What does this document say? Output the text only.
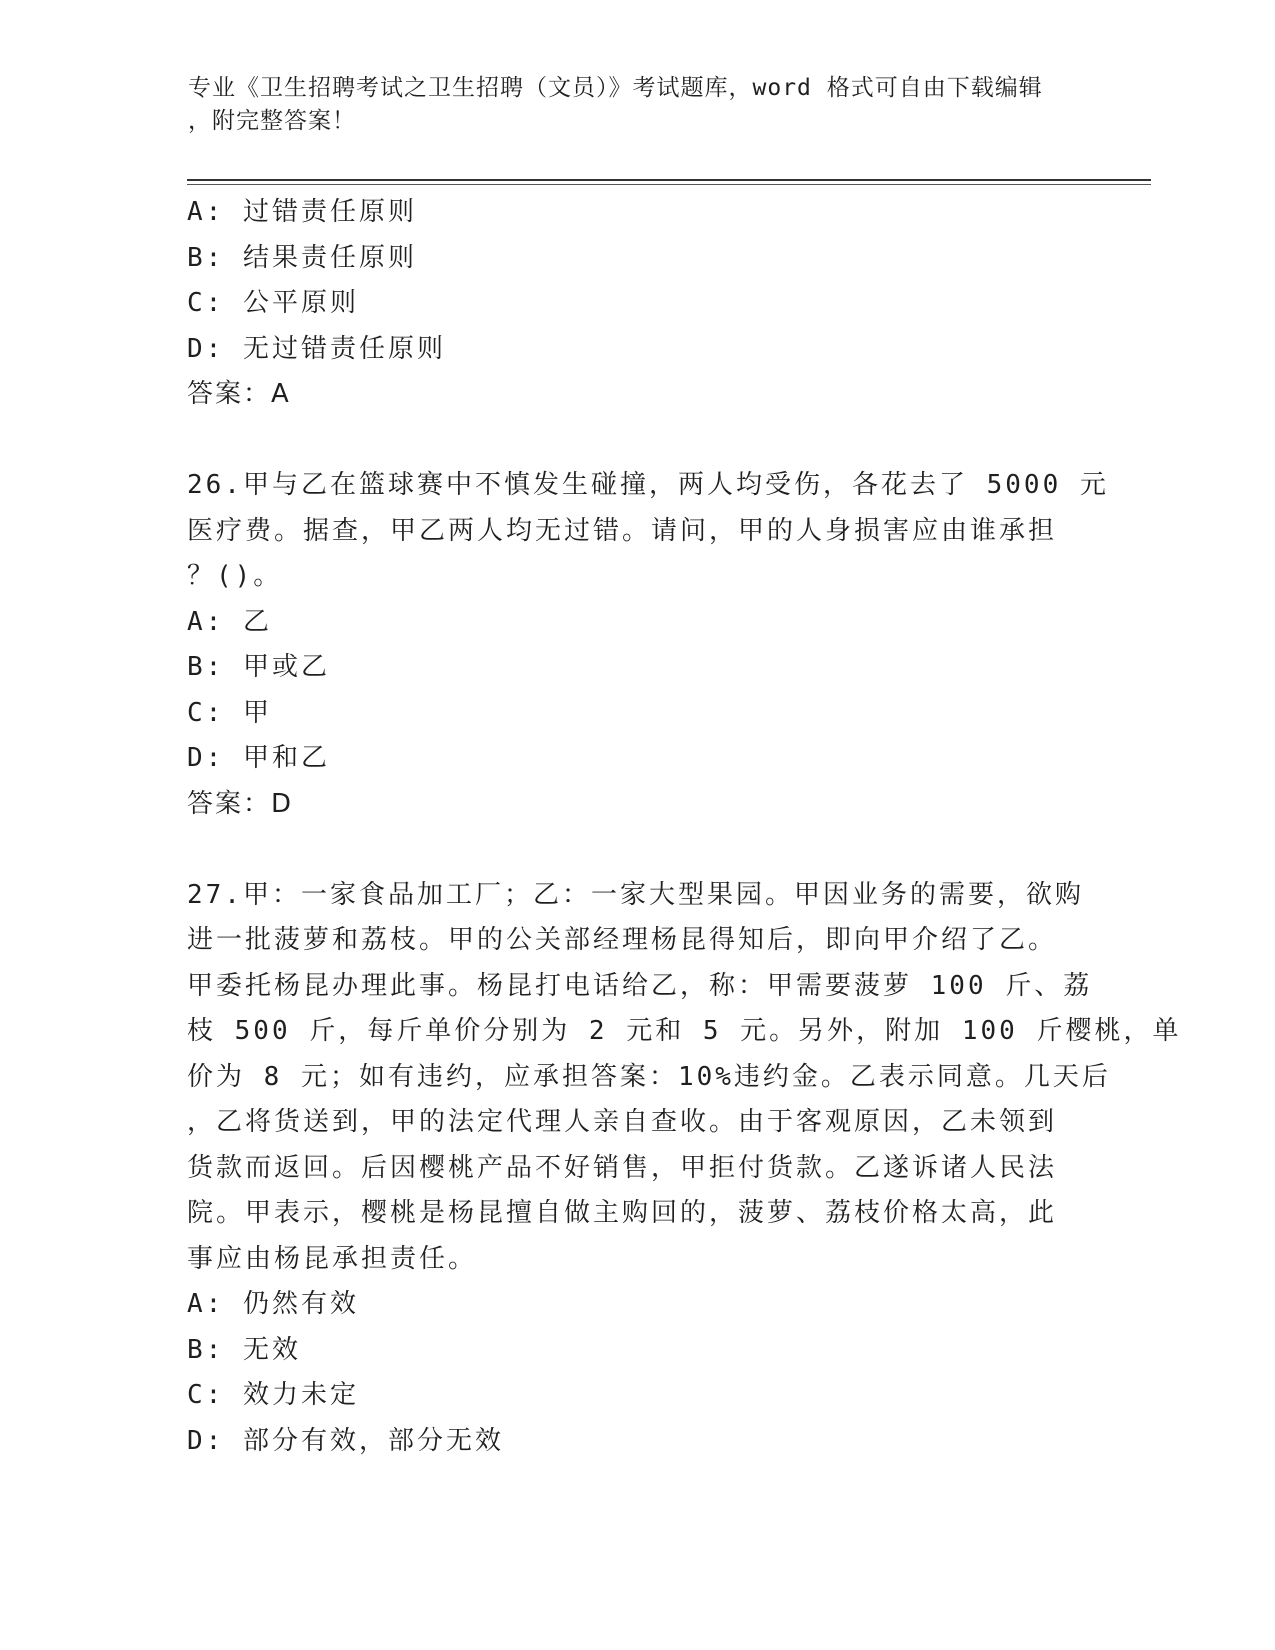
专业《卫生招聘考试之卫生招聘（文员）》考试题库，word 格式可自由下载编辑
，附完整答案！
A: 过错责任原则
B: 结果责任原则
C: 公平原则
D: 无过错责任原则
答案：A
26.甲与乙在篮球赛中不慎发生碰撞，两人均受伤，各花去了 5000 元
医疗费。据查，甲乙两人均无过错。请问，甲的人身损害应由谁承担
？()。
A: 乙
B: 甲或乙
C: 甲
D: 甲和乙
答案：D
27.甲：一家食品加工厂；乙：一家大型果园。甲因业务的需要，欲购
进一批菠萝和荔枝。甲的公关部经理杨昆得知后，即向甲介绍了乙。
甲委托杨昆办理此事。杨昆打电话给乙，称：甲需要菠萝 100 斤、荔
枝 500 斤，每斤单价分别为 2 元和 5 元。另外，附加 100 斤樱桃，单
价为 8 元；如有违约，应承担答案：10%违约金。乙表示同意。几天后
，乙将货送到，甲的法定代理人亲自查收。由于客观原因，乙未领到
货款而返回。后因樱桃产品不好销售，甲拒付货款。乙遂诉诸人民法
院。甲表示，樱桃是杨昆擅自做主购回的，菠萝、荔枝价格太高，此
事应由杨昆承担责任。
A: 仍然有效
B: 无效
C: 效力未定
D: 部分有效，部分无效
